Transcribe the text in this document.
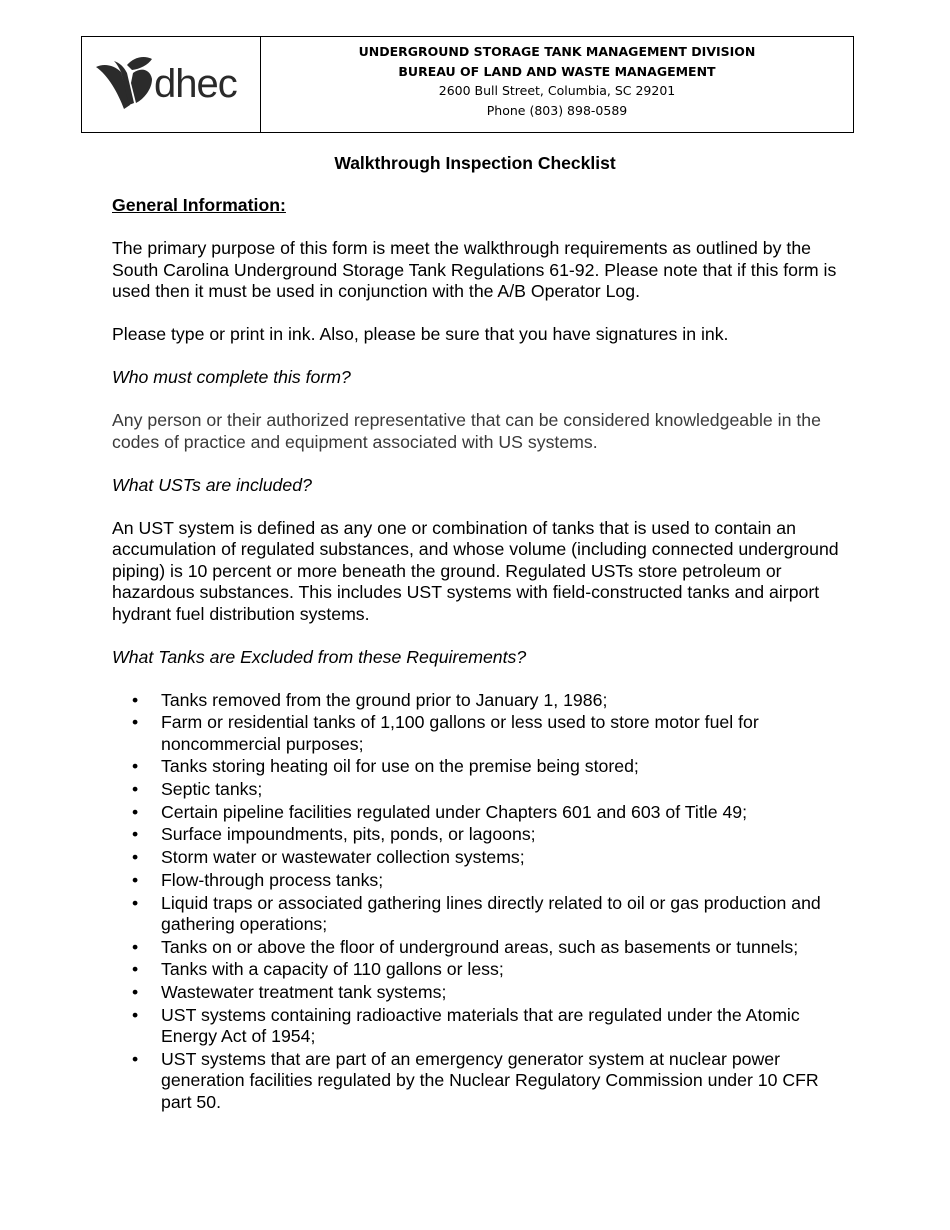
dhec
UNDERGROUND STORAGE TANK MANAGEMENT DIVISION
BUREAU OF LAND AND WASTE MANAGEMENT
2600 Bull Street, Columbia, SC 29201
Phone (803) 898-0589
Walkthrough Inspection Checklist

General Information:

The primary purpose of this form is meet the walkthrough requirements as outlined by the South Carolina Underground Storage Tank Regulations 61-92. Please note that if this form is used then it must be used in conjunction with the A/B Operator Log.

Please type or print in ink. Also, please be sure that you have signatures in ink.

Who must complete this form?

Any person or their authorized representative that can be considered knowledgeable in the codes of practice and equipment associated with US systems.

What USTs are included?

An UST system is defined as any one or combination of tanks that is used to contain an accumulation of regulated substances, and whose volume (including connected underground piping) is 10 percent or more beneath the ground. Regulated USTs store petroleum or hazardous substances. This includes UST systems with field-constructed tanks and airport hydrant fuel distribution systems.

What Tanks are Excluded from these Requirements?

• Tanks removed from the ground prior to January 1, 1986;
• Farm or residential tanks of 1,100 gallons or less used to store motor fuel for noncommercial purposes;
• Tanks storing heating oil for use on the premise being stored;
• Septic tanks;
• Certain pipeline facilities regulated under Chapters 601 and 603 of Title 49;
• Surface impoundments, pits, ponds, or lagoons;
• Storm water or wastewater collection systems;
• Flow-through process tanks;
• Liquid traps or associated gathering lines directly related to oil or gas production and gathering operations;
• Tanks on or above the floor of underground areas, such as basements or tunnels;
• Tanks with a capacity of 110 gallons or less;
• Wastewater treatment tank systems;
• UST systems containing radioactive materials that are regulated under the Atomic Energy Act of 1954;
• UST systems that are part of an emergency generator system at nuclear power generation facilities regulated by the Nuclear Regulatory Commission under 10 CFR part 50.
